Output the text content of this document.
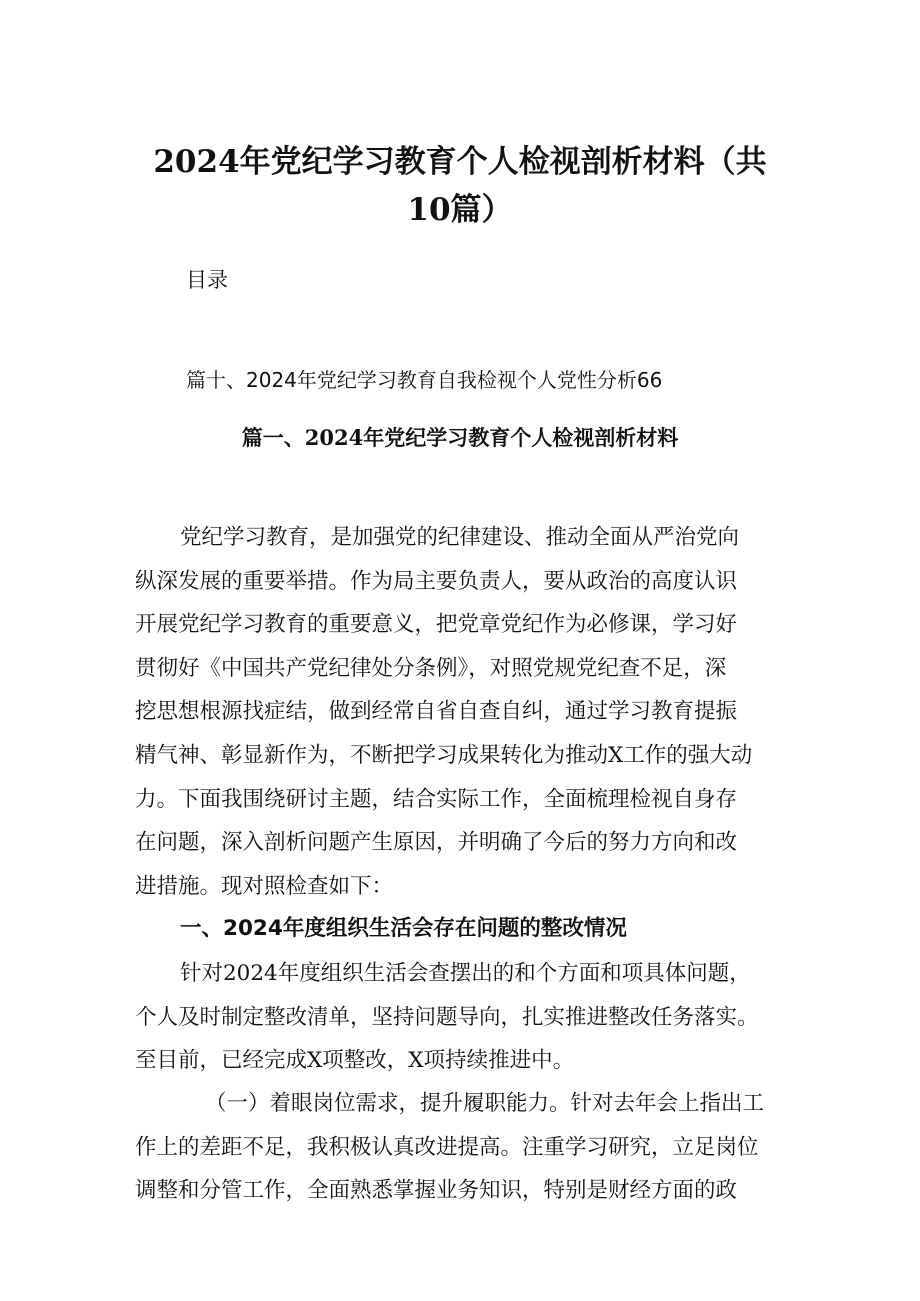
2024年党纪学习教育个人检视剖析材料（共
10篇）
目录
篇十、2024年党纪学习教育自我检视个人党性分析66
篇一、2024年党纪学习教育个人检视剖析材料
党纪学习教育，是加强党的纪律建设、推动全面从严治党向
纵深发展的重要举措。作为局主要负责人，要从政治的高度认识
开展党纪学习教育的重要意义，把党章党纪作为必修课，学习好
贯彻好《中国共产党纪律处分条例》，对照党规党纪查不足，深
挖思想根源找症结，做到经常自省自查自纠，通过学习教育提振
精气神、彰显新作为，不断把学习成果转化为推动X工作的强大动
力。下面我围绕研讨主题，结合实际工作，全面梳理检视自身存
在问题，深入剖析问题产生原因，并明确了今后的努力方向和改
进措施。现对照检查如下：
一、2024年度组织生活会存在问题的整改情况
针对2024年度组织生活会查摆出的和个方面和项具体问题，
个人及时制定整改清单，坚持问题导向，扎实推进整改任务落实。
至目前，已经完成X项整改，X项持续推进中。
（一）着眼岗位需求，提升履职能力。针对去年会上指出工
作上的差距不足，我积极认真改进提高。注重学习研究，立足岗位
调整和分管工作，全面熟悉掌握业务知识，特别是财经方面的政
